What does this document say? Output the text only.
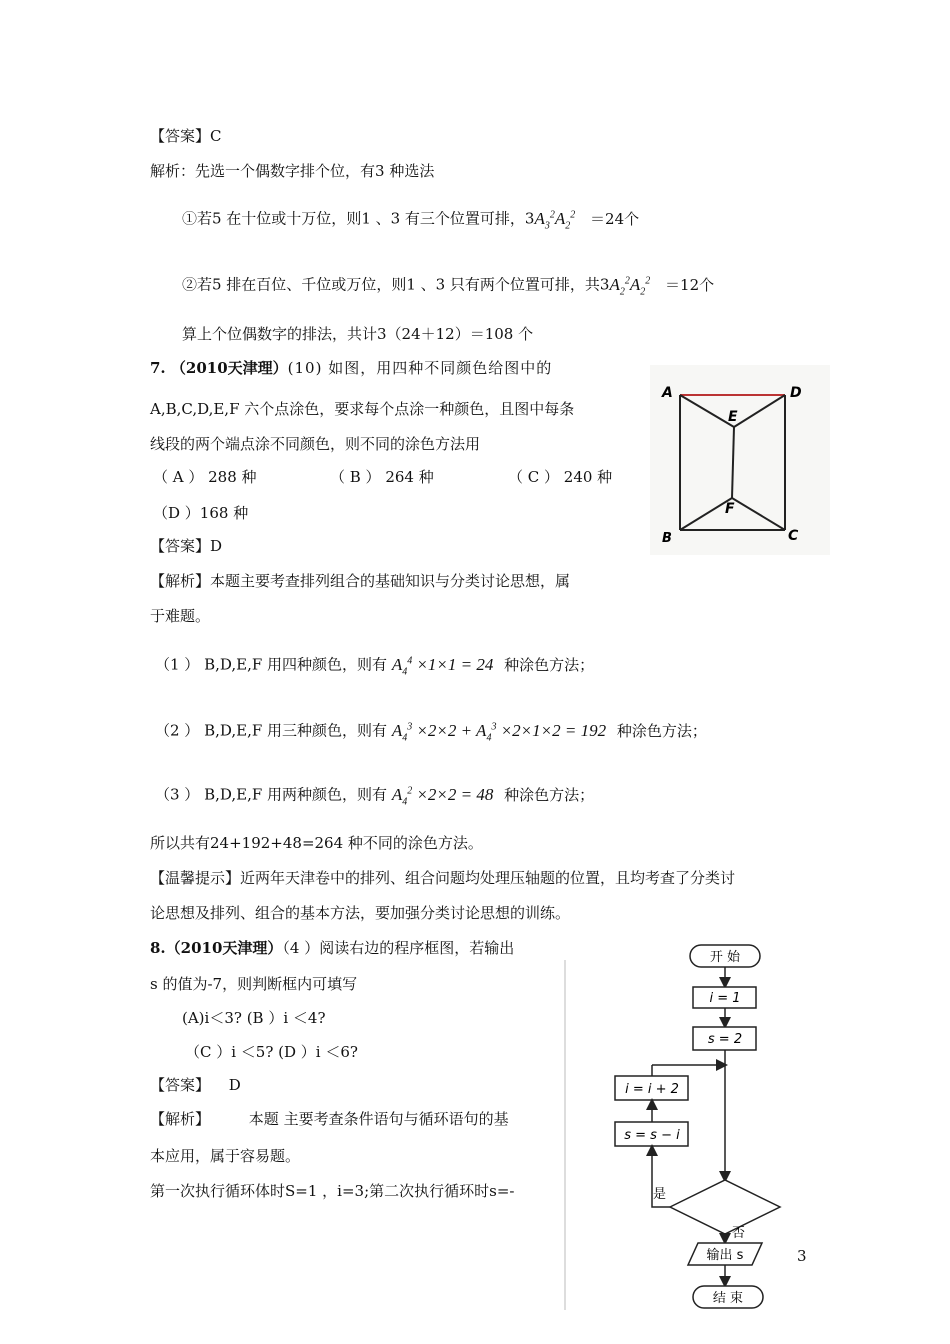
【答案】C
解析：先选一个偶数字排个位，有3 种选法
①若5 在十位或十万位，则1 、3 有三个位置可排，$3A_3^2A_2^2 =24$个
②若5 排在百位、千位或万位，则1 、3 只有两个位置可排，共$3A_2^2A_2^2 =12$个
算上个位偶数字的排法，共计3（24＋12）＝108 个
7. （2010天津理）(10) 如图，用四种不同颜色给图中的
A,B,C,D,E,F 六个点涂色，要求每个点涂一种颜色，且图中每条
线段的两个端点涂不同颜色，则不同的涂色方法用
（ A ） 288 种	（ B ） 264 种	（ C ） 240 种
（D ）168 种
【答案】D
【解析】本题主要考查排列组合的基础知识与分类讨论思想，属
于难题。
（1 ） B,D,E,F 用四种颜色，则有 $A_4^4 \times 1\times 1 = 24$ 种涂色方法；
（2 ） B,D,E,F 用三种颜色，则有 $A_4^3 \times 2\times 2 + A_4^3 \times 2\times 1\times 2 = 192$ 种涂色方法；
（3 ） B,D,E,F 用两种颜色，则有 $A_4^2 \times 2\times 2 = 48$ 种涂色方法；
所以共有24+192+48=264 种不同的涂色方法。
【温馨提示】近两年天津卷中的排列、组合问题均处理压轴题的位置，且均考查了分类讨
论思想及排列、组合的基本方法，要加强分类讨论思想的训练。
A	D
E
F
B	C
8.（2010天津理）（4 ）阅读右边的程序框图，若输出
s 的值为-7，则判断框内可填写
(A)i＜3? (B ）i ＜4?
（C ）i ＜5? (D ）i ＜6?
【答案】 D
【解析】	本题 主要考查条件语句与循环语句的基
本应用，属于容易题。
第一次执行循环体时S=1 ，i=3;第二次执行循环时s=-
开 始
i = 1
s = 2
i = i + 2
s = s − i
是
否
输出 s
结 束
3
